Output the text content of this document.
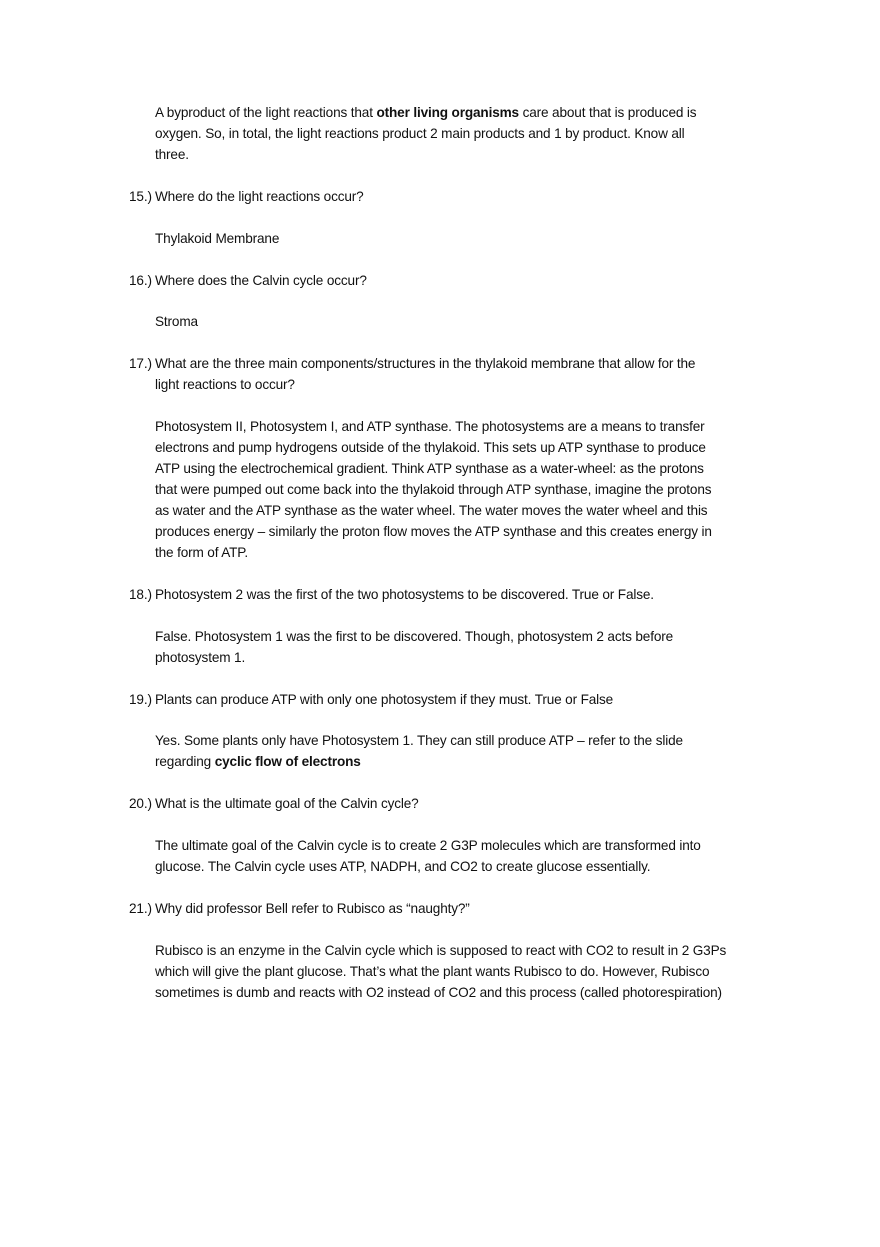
A byproduct of the light reactions that other living organisms care about that is produced is
oxygen. So, in total, the light reactions product 2 main products and 1 by product. Know all
three.
15.) Where do the light reactions occur?
Thylakoid Membrane
16.) Where does the Calvin cycle occur?
Stroma
17.) What are the three main components/structures in the thylakoid membrane that allow for the
light reactions to occur?
Photosystem II, Photosystem I, and ATP synthase. The photosystems are a means to transfer
electrons and pump hydrogens outside of the thylakoid. This sets up ATP synthase to produce
ATP using the electrochemical gradient. Think ATP synthase as a water-wheel: as the protons
that were pumped out come back into the thylakoid through ATP synthase, imagine the protons
as water and the ATP synthase as the water wheel. The water moves the water wheel and this
produces energy – similarly the proton flow moves the ATP synthase and this creates energy in
the form of ATP.
18.) Photosystem 2 was the first of the two photosystems to be discovered. True or False.
False. Photosystem 1 was the first to be discovered. Though, photosystem 2 acts before
photosystem 1.
19.) Plants can produce ATP with only one photosystem if they must. True or False
Yes. Some plants only have Photosystem 1. They can still produce ATP – refer to the slide
regarding cyclic flow of electrons
20.) What is the ultimate goal of the Calvin cycle?
The ultimate goal of the Calvin cycle is to create 2 G3P molecules which are transformed into
glucose. The Calvin cycle uses ATP, NADPH, and CO2 to create glucose essentially.
21.) Why did professor Bell refer to Rubisco as “naughty?”
Rubisco is an enzyme in the Calvin cycle which is supposed to react with CO2 to result in 2 G3Ps
which will give the plant glucose. That’s what the plant wants Rubisco to do. However, Rubisco
sometimes is dumb and reacts with O2 instead of CO2 and this process (called photorespiration)
